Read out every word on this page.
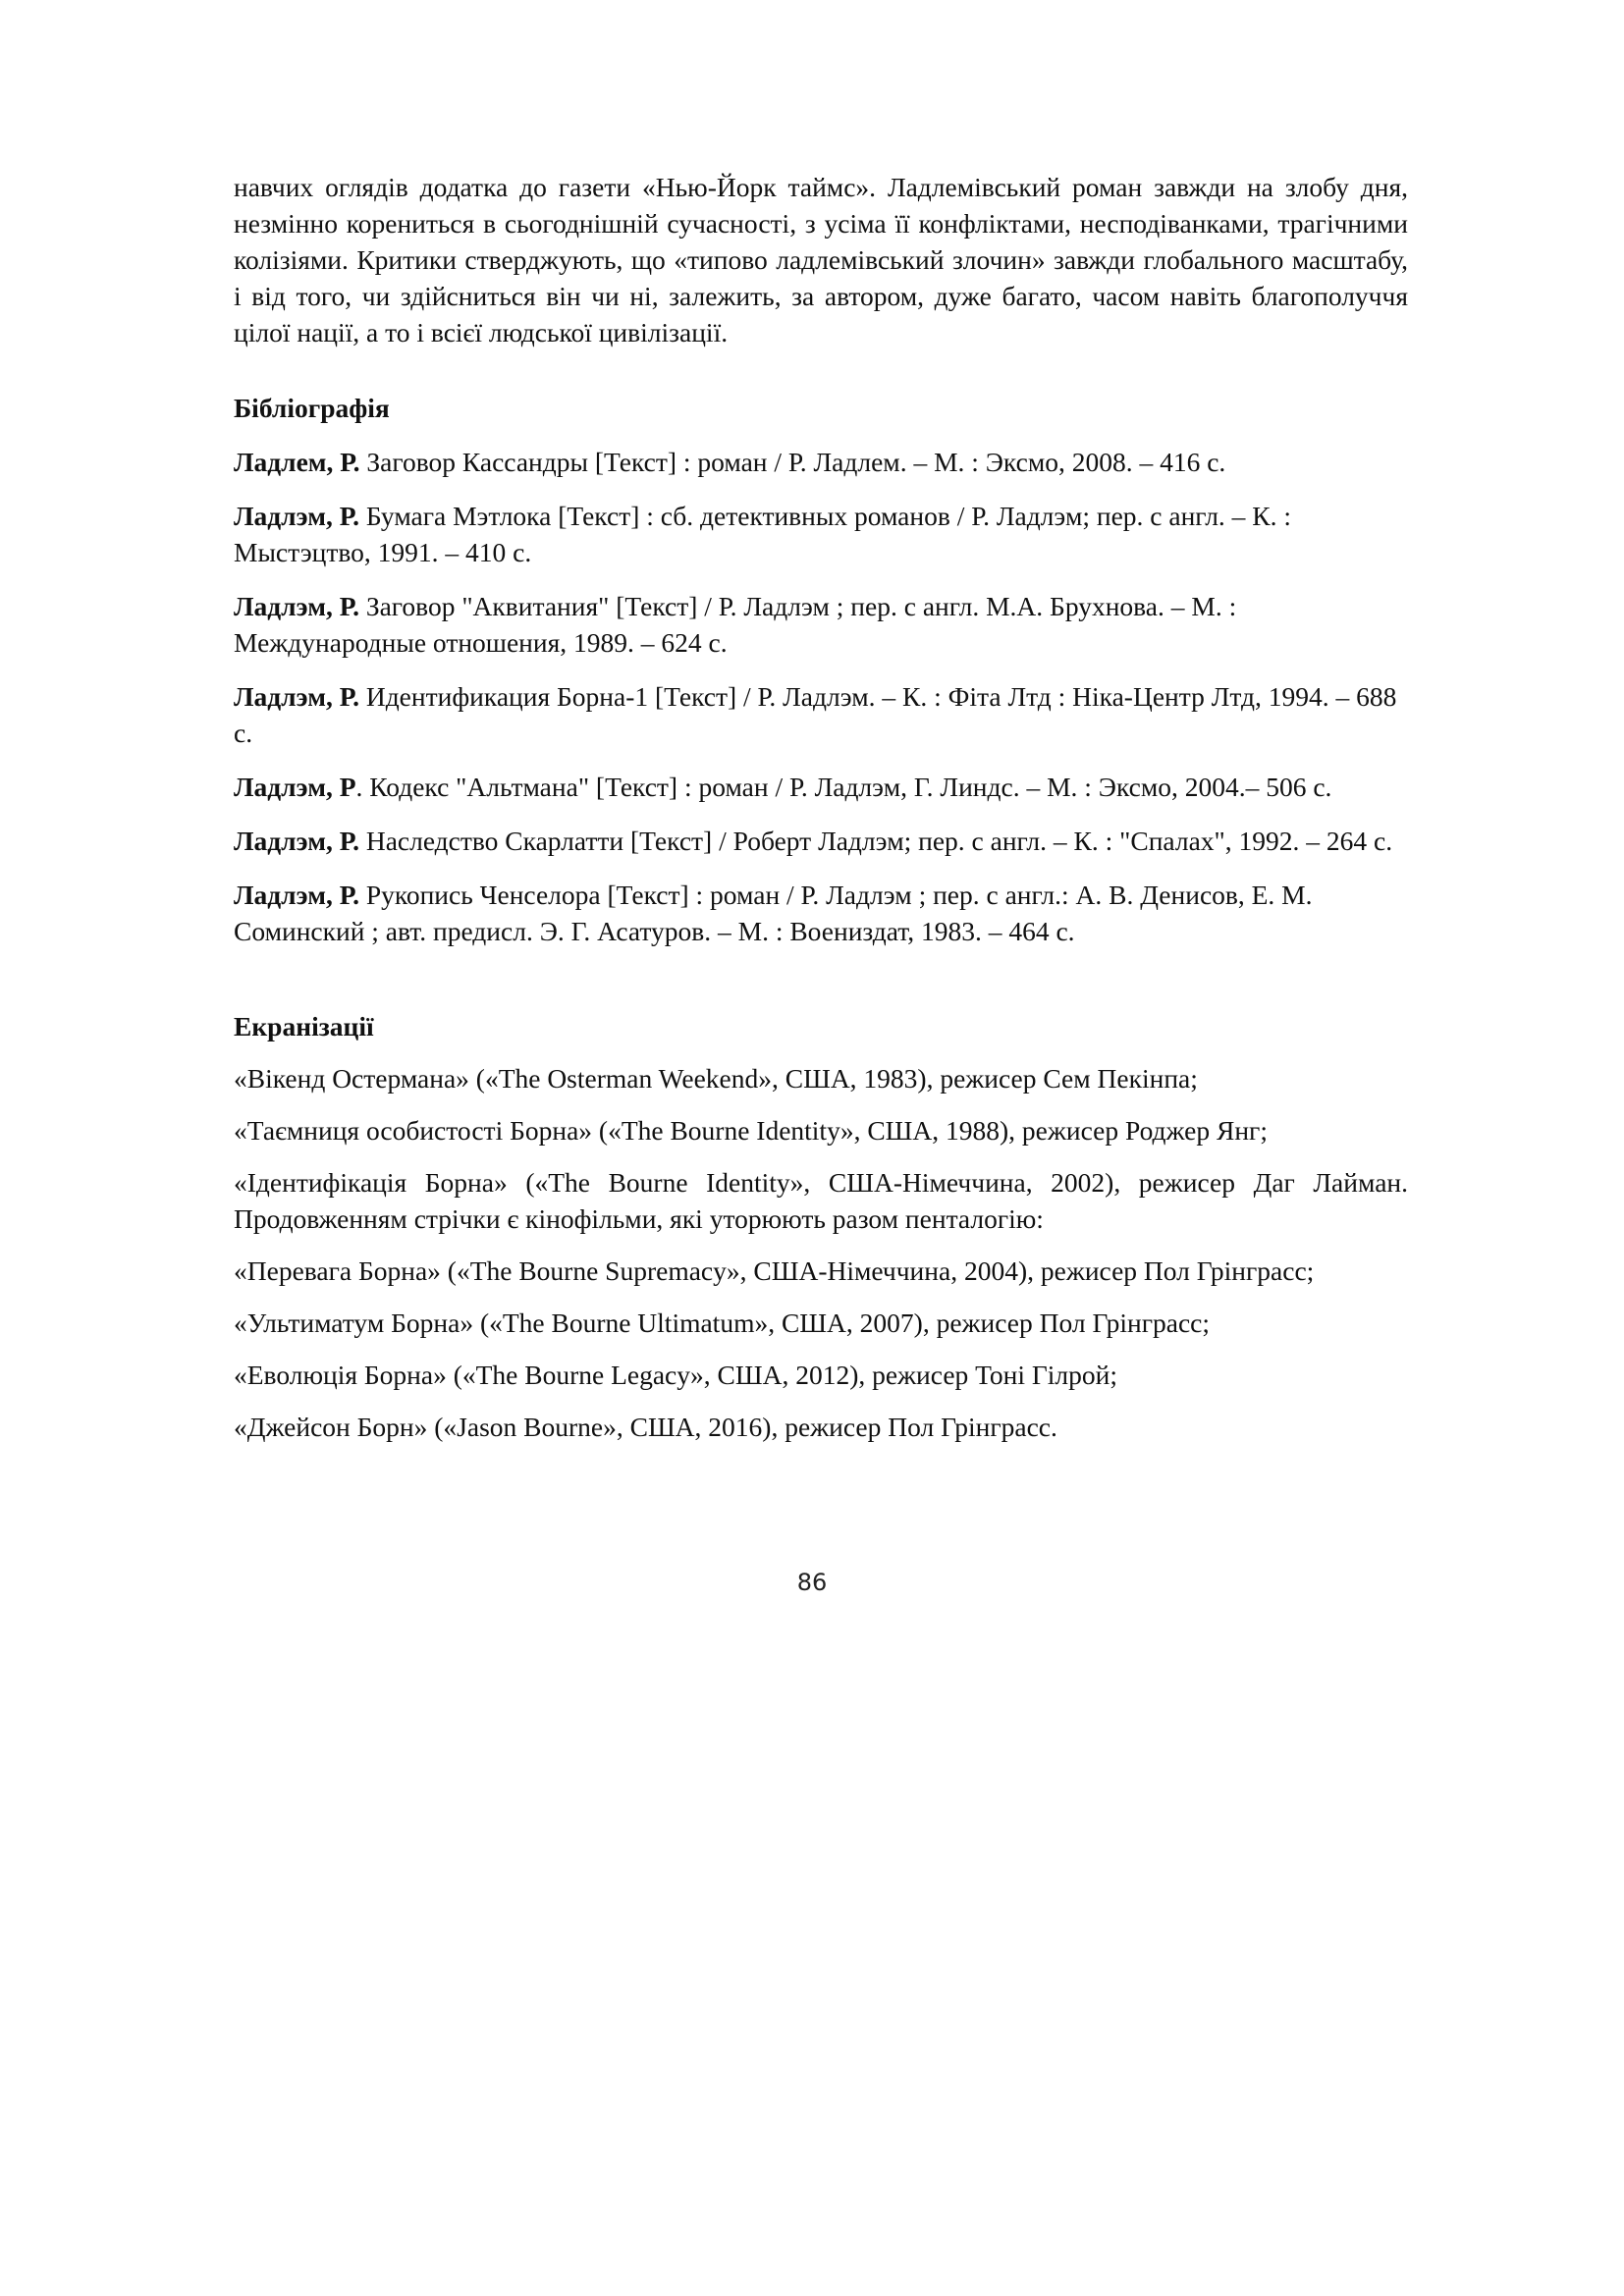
навчих оглядів додатка до газети «Нью-Йорк таймс». Ладлемівський роман завжди на злобу дня, незмінно корениться в сьогоднішній сучасності, з усіма її конфліктами, несподіванками, трагічними колізіями. Критики стверджують, що «типово ладлемівський злочин» завжди глобального масштабу, і від того, чи здійсниться він чи ні, залежить, за автором, дуже багато, часом навіть благополуччя цілої нації, а то і всієї людської цивілізації.

Бібліографія

Ладлем, Р. Заговор Кассандры [Текст] : роман / Р. Ладлем. – М. : Эксмо, 2008. – 416 с.

Ладлэм, Р. Бумага Мэтлока [Текст] : сб. детективных романов / Р. Ладлэм; пер. с англ. – К. : Мыстэцтво, 1991. – 410 с.

Ладлэм, Р. Заговор "Аквитания" [Текст] / Р. Ладлэм ; пер. с англ. М.А. Брухнова. – М. : Международные отношения, 1989. – 624 с.

Ладлэм, Р. Идентификация Борна-1 [Текст] / Р. Ладлэм. – К. : Фіта Лтд : Ніка-Центр Лтд, 1994. – 688 с.

Ладлэм, Р. Кодекс "Альтмана" [Текст] : роман / Р. Ладлэм, Г. Линдс. – М. : Эксмо, 2004.– 506 с.

Ладлэм, Р. Наследство Скарлатти [Текст] / Роберт Ладлэм; пер. с англ. – К. : "Спалах", 1992. – 264 с.

Ладлэм, Р. Рукопись Ченселора [Текст] : роман / Р. Ладлэм ; пер. с англ.: А. В. Денисов, Е. М. Соминский ; авт. предисл. Э. Г. Асатуров. – М. : Воениздат, 1983. – 464 с.

Екранізації

«Вікенд Остермана» («The Osterman Weekend», США, 1983), режисер Сем Пекінпа;

«Таємниця особистості Борна» («The Bourne Identity», США, 1988), режисер Роджер Янг;

«Ідентифікація Борна» («The Bourne Identity», США-Німеччина, 2002), режисер Даг Лайман. Продовженням стрічки є кінофільми, які уторюють разом пенталогію:

«Перевага Борна» («The Bourne Supremacy», США-Німеччина, 2004), режисер Пол Грінграсс;

«Ультиматум Борна» («The Bourne Ultimatum», США, 2007), режисер Пол Грінграсс;

«Еволюція Борна» («The Bourne Legacy», США, 2012), режисер Тоні Гілрой;

«Джейсон Борн» («Jason Bourne», США, 2016), режисер Пол Грінграсс.

86
